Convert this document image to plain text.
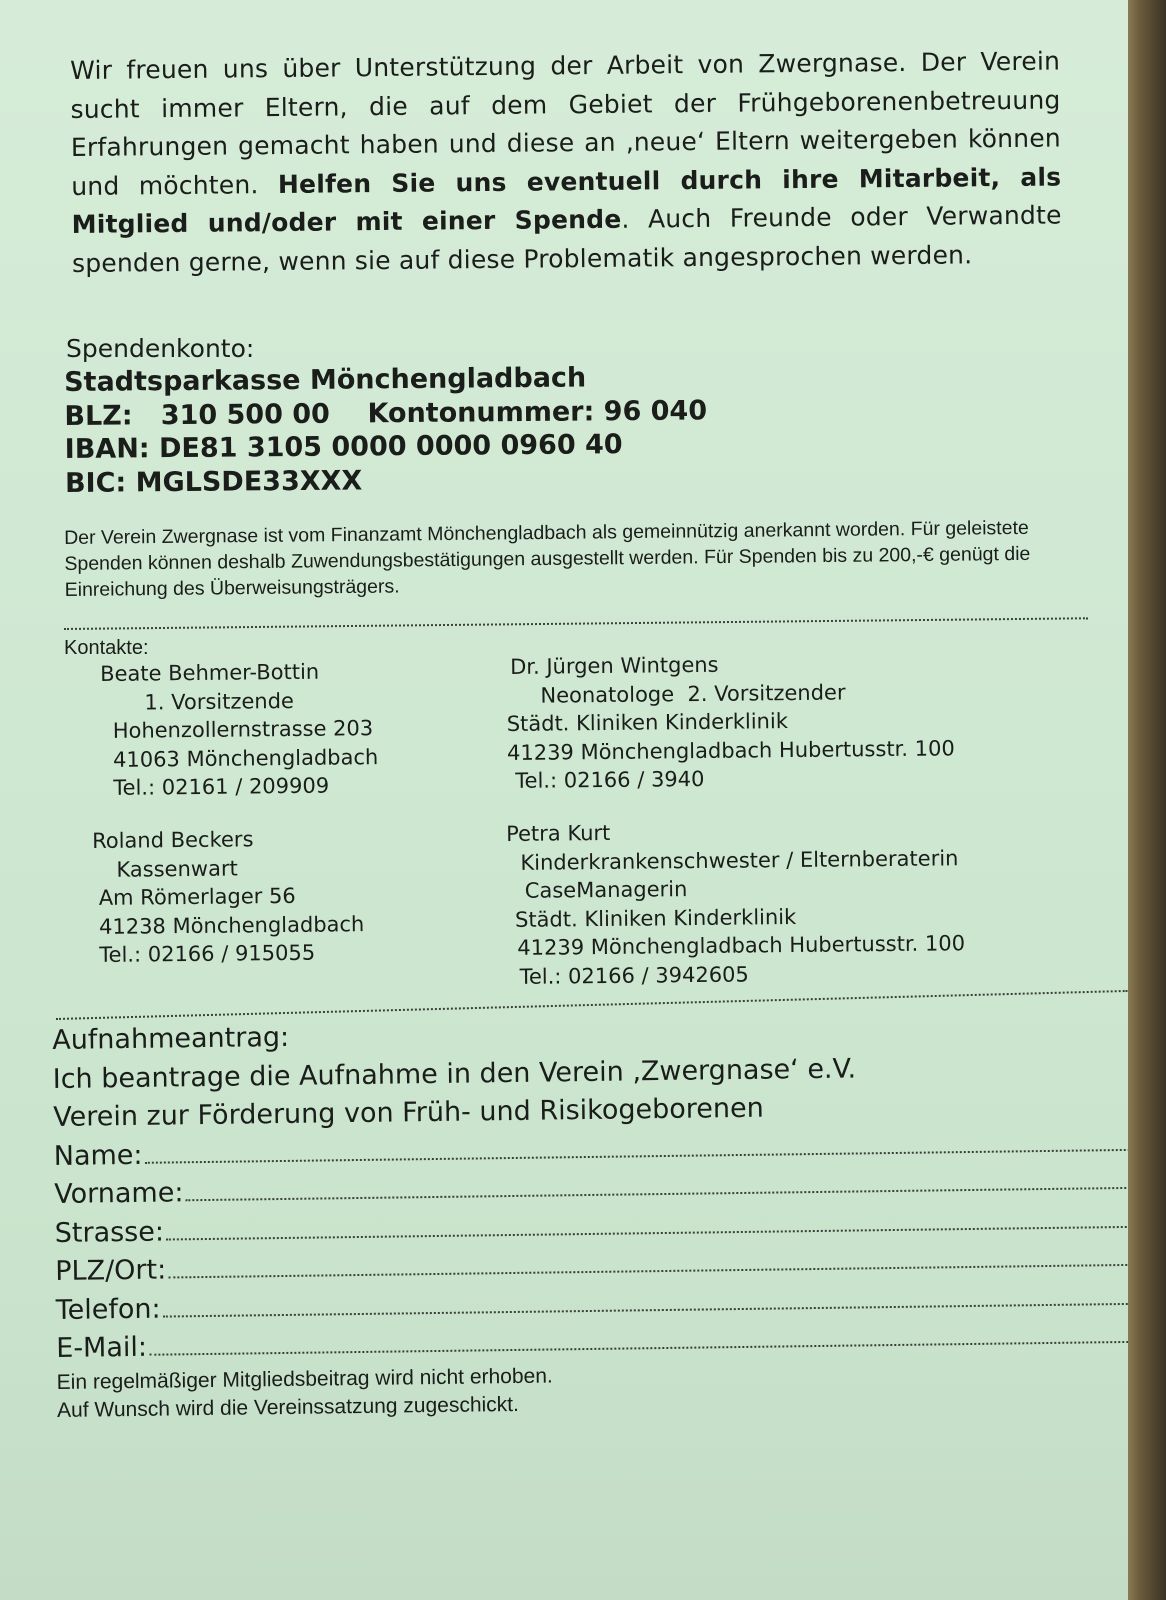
Wir freuen uns über Unterstützung der Arbeit von Zwergnase. Der Verein sucht immer Eltern, die auf dem Gebiet der Frühgeborenenbetreuung Erfahrungen gemacht haben und diese an ‚neue‘ Eltern weitergeben können und möchten. Helfen Sie uns eventuell durch ihre Mitarbeit, als Mitglied und/oder mit einer Spende. Auch Freunde oder Verwandte spenden gerne, wenn sie auf diese Problematik angesprochen werden.
Spendenkonto:
Stadtsparkasse Mönchengladbach
BLZ: 310 500 00 Kontonummer: 96 040
IBAN: DE81 3105 0000 0000 0960 40
BIC: MGLSDE33XXX
Der Verein Zwergnase ist vom Finanzamt Mönchengladbach als gemeinnützig anerkannt worden. Für geleistete Spenden können deshalb Zuwendungsbestätigungen ausgestellt werden. Für Spenden bis zu 200,-€ genügt die Einreichung des Überweisungsträgers.
Kontakte:
Beate Behmer-Bottin
1. Vorsitzende
Hohenzollernstrasse 203
41063 Mönchengladbach
Tel.: 02161 / 209909
Dr. Jürgen Wintgens
Neonatologe  2. Vorsitzender
Städt. Kliniken Kinderklinik
41239 Mönchengladbach Hubertusstr. 100
Tel.: 02166 / 3940
Roland Beckers
Kassenwart
Am Römerlager 56
41238 Mönchengladbach
Tel.: 02166 / 915055
Petra Kurt
Kinderkrankenschwester / Elternberaterin
CaseManagerin
Städt. Kliniken Kinderklinik
41239 Mönchengladbach Hubertusstr. 100
Tel.: 02166 / 3942605
Aufnahmeantrag:
Ich beantrage die Aufnahme in den Verein ‚Zwergnase‘ e.V.
Verein zur Förderung von Früh- und Risikogeborenen
Name:
Vorname:
Strasse:
PLZ/Ort:
Telefon:
E-Mail:
Ein regelmäßiger Mitgliedsbeitrag wird nicht erhoben.
Auf Wunsch wird die Vereinssatzung zugeschickt.
